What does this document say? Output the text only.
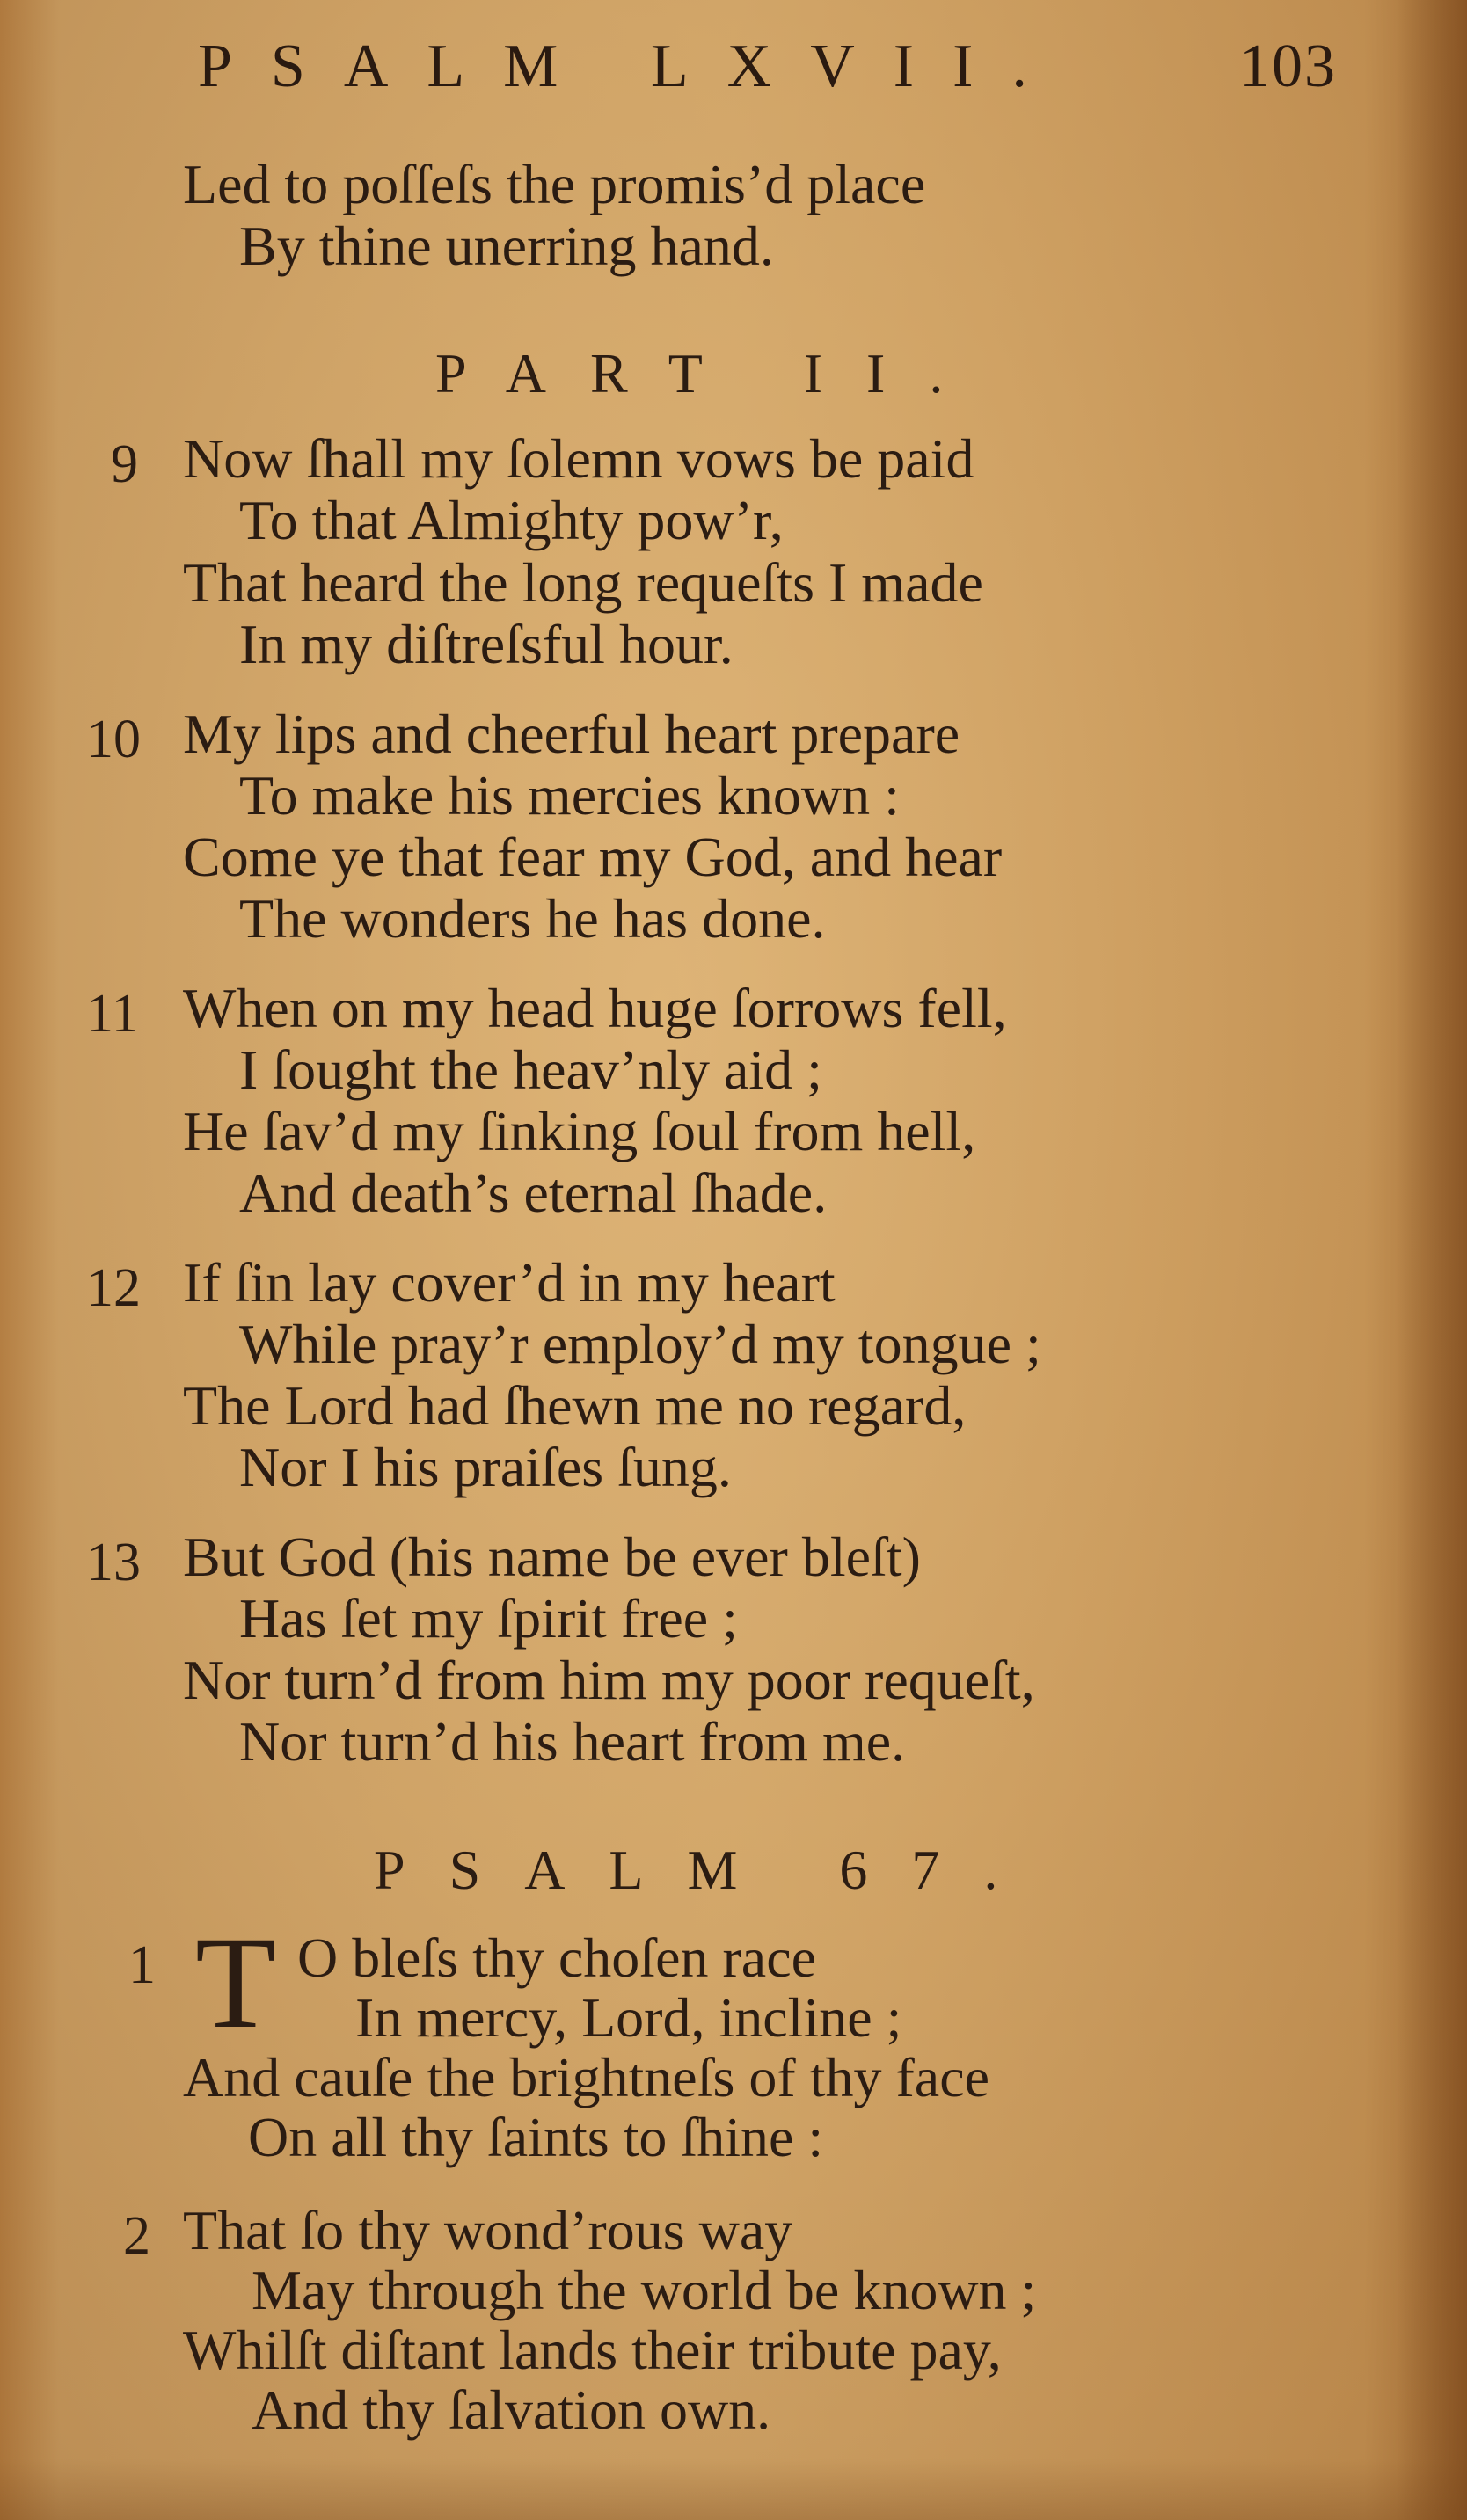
PSALM LXVII.	103
Led to poſſeſs the promis’d place
By thine unerring hand.
PART II.
9 Now ſhall my ſolemn vows be paid
To that Almighty pow’r,
That heard the long requeſts I made
In my diſtreſsful hour.
10 My lips and cheerful heart prepare
To make his mercies known :
Come ye that fear my God, and hear
The wonders he has done.
11 When on my head huge ſorrows fell,
I ſought the heav’nly aid ;
He ſav’d my ſinking ſoul from hell,
And death’s eternal ſhade.
12 If ſin lay cover’d in my heart
While pray’r employ’d my tongue ;
The Lord had ſhewn me no regard,
Nor I his praiſes ſung.
13 But God (his name be ever bleſt)
Has ſet my ſpirit free ;
Nor turn’d from him my poor requeſt,
Nor turn’d his heart from me.
PSALM 67.
1 T O bleſs thy choſen race
In mercy, Lord, incline ;
And cauſe the brightneſs of thy face
On all thy ſaints to ſhine :
2 That ſo thy wond’rous way
May through the world be known ;
Whilſt diſtant lands their tribute pay,
And thy ſalvation own.
